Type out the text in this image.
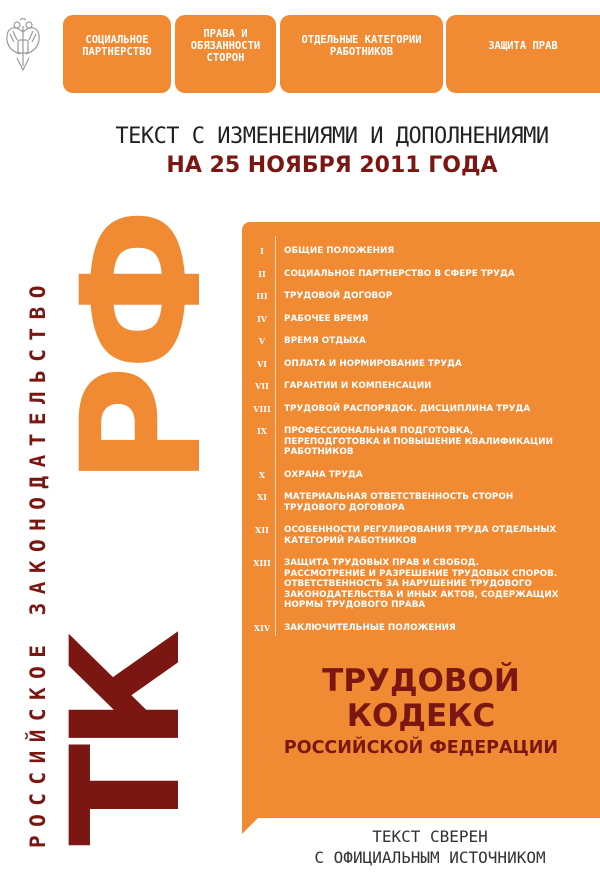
СОЦИАЛЬНОЕ
ПАРТНЕРСТВО
ПРАВА И
ОБЯЗАННОСТИ
СТОРОН
ОТДЕЛЬНЫЕ КАТЕГОРИИ
РАБОТНИКОВ	ЗАЩИТА ПРАВ
РОССИЙСКОЕ ЗАКОНОДАТЕЛЬСТВО
ТЕКСТ С ИЗМЕНЕНИЯМИ И ДОПОЛНЕНИЯМИ
НА 25 НОЯБРЯ 2011 ГОДА
ТК
РФ	I	ОБЩИЕ ПОЛОЖЕНИЯ
II	СОЦИАЛЬНОЕ ПАРТНЕРСТВО В СФЕРЕ ТРУДА
III	ТРУДОВОЙ ДОГОВОР
IV	РАБОЧЕЕ ВРЕМЯ
V	ВРЕМЯ ОТДЫХА
VI	ОПЛАТА И НОРМИРОВАНИЕ ТРУДА
VII	ГАРАНТИИ И КОМПЕНСАЦИИ
VIII	ТРУДОВОЙ РАСПОРЯДОК. ДИСЦИПЛИНА ТРУДА
IX	ПРОФЕССИОНАЛЬНАЯ ПОДГОТОВКА, ПЕРЕПОДГОТОВКА И ПОВЫШЕНИЕ КВАЛИФИКАЦИИ РАБОТНИКОВ
X	ОХРАНА ТРУДА
XI	МАТЕРИАЛЬНАЯ ОТВЕТСТВЕННОСТЬ СТОРОН ТРУДОВОГО ДОГОВОРА
XII	ОСОБЕННОСТИ РЕГУЛИРОВАНИЯ ТРУДА ОТДЕЛЬНЫХ КАТЕГОРИЙ РАБОТНИКОВ
XIII	ЗАЩИТА ТРУДОВЫХ ПРАВ И СВОБОД. РАССМОТРЕНИЕ И РАЗРЕШЕНИЕ ТРУДОВЫХ СПОРОВ. ОТВЕТСТВЕННОСТЬ ЗА НАРУШЕНИЕ ТРУДОВОГО ЗАКОНОДАТЕЛЬСТВА И ИНЫХ АКТОВ, СОДЕРЖАЩИХ НОРМЫ ТРУДОВОГО ПРАВА
XIV	ЗАКЛЮЧИТЕЛЬНЫЕ ПОЛОЖЕНИЯ
ТРУДОВОЙ
КОДЕКС
РОССИЙСКОЙ ФЕДЕРАЦИИ
ТЕКСТ СВЕРЕН
С ОФИЦИАЛЬНЫМ ИСТОЧНИКОМ
